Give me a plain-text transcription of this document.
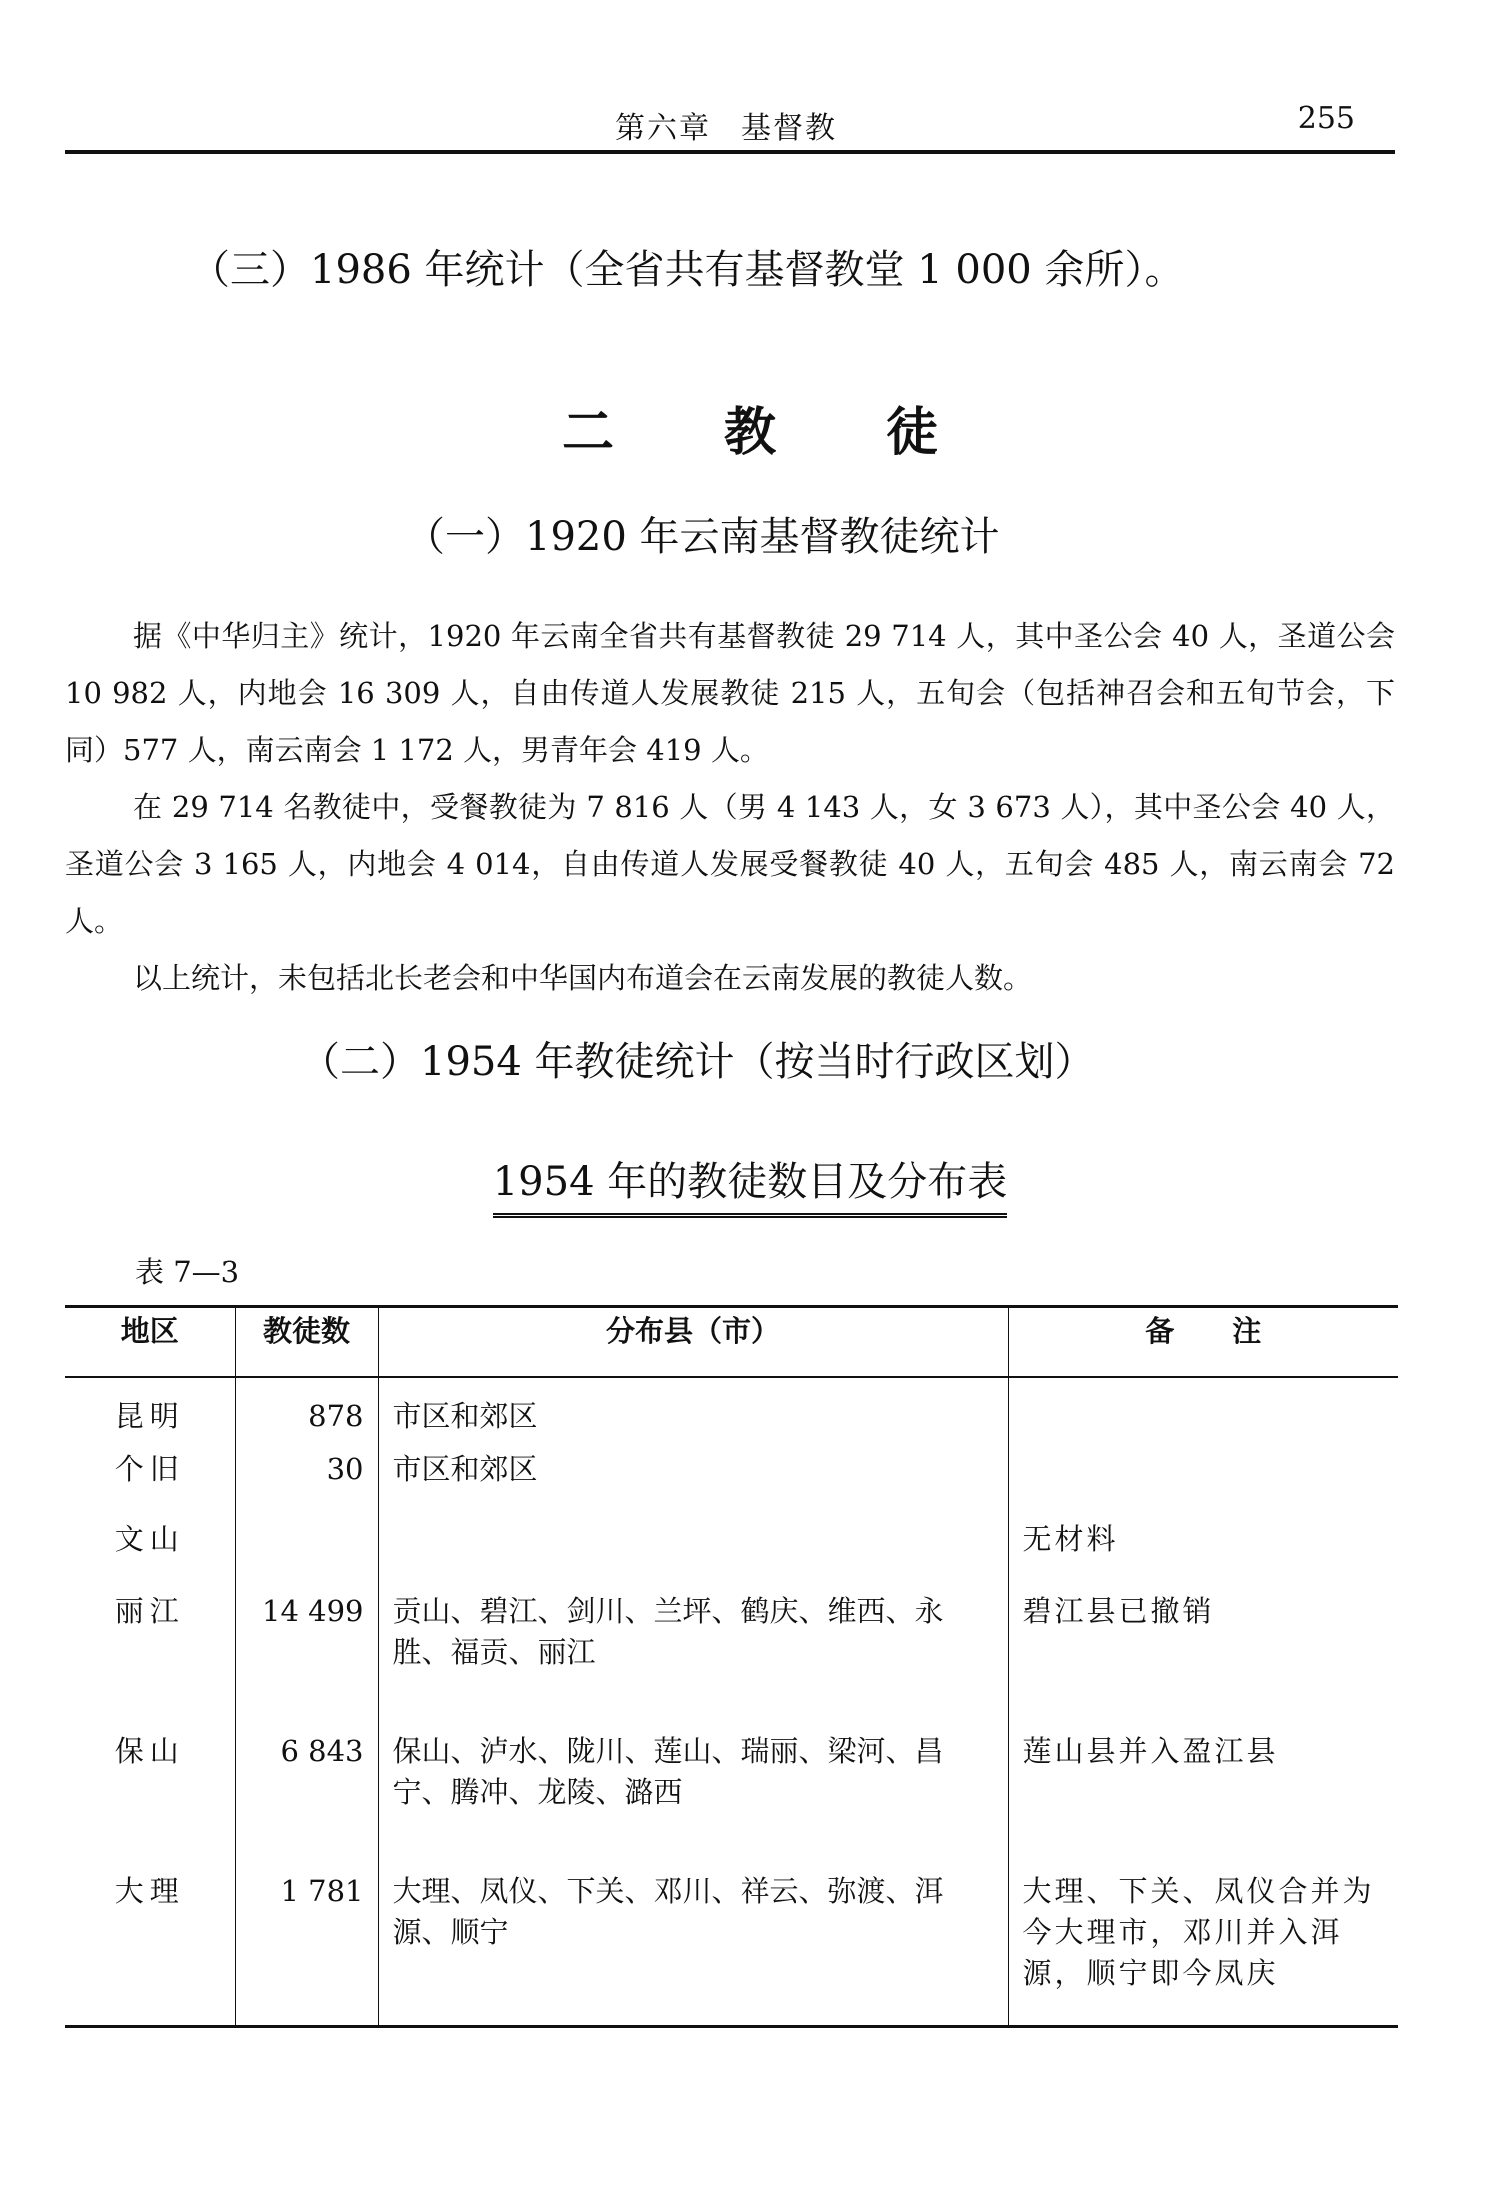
第六章 基督教	255
（三）1986 年统计（全省共有基督教堂 1 000 余所）。
二 教 徒
（一）1920 年云南基督教徒统计

据《中华归主》统计，1920 年云南全省共有基督教徒 29 714 人，其中圣公会 40 人，圣道公会 10 982 人，内地会 16 309 人，自由传道人发展教徒 215 人，五旬会（包括神召会和五旬节会，下同）577 人，南云南会 1 172 人，男青年会 419 人。

在 29 714 名教徒中，受餐教徒为 7 816 人（男 4 143 人，女 3 673 人），其中圣公会 40 人，圣道公会 3 165 人，内地会 4 014，自由传道人发展受餐教徒 40 人，五旬会 485 人，南云南会 72 人。

以上统计，未包括北长老会和中华国内布道会在云南发展的教徒人数。

（二）1954 年教徒统计（按当时行政区划）
1954 年的教徒数目及分布表
表 7—3
地区	教徒数	分布县（市）	备　　注
昆明	878	市区和郊区	
个旧	30	市区和郊区	
文山			无材料
丽江	14 499	贡山、碧江、剑川、兰坪、鹤庆、维西、永胜、福贡、丽江	碧江县已撤销
保山	6 843	保山、泸水、陇川、莲山、瑞丽、梁河、昌宁、腾冲、龙陵、潞西	莲山县并入盈江县
大理	1 781	大理、凤仪、下关、邓川、祥云、弥渡、洱源、顺宁	大理、下关、凤仪合并为今大理市，邓川并入洱源，顺宁即今凤庆
